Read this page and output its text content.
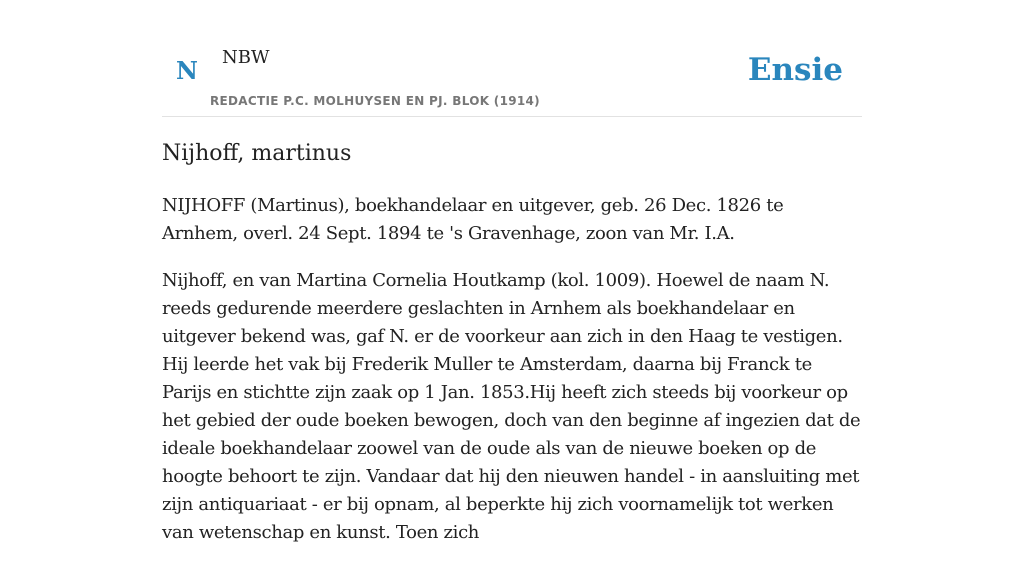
N NBW
REDACTIE P.C. MOLHUYSEN EN PJ. BLOK (1914)
Ensie
Nijhoff, martinus

NIJHOFF (Martinus), boekhandelaar en uitgever, geb. 26 Dec. 1826 te Arnhem, overl. 24 Sept. 1894 te 's Gravenhage, zoon van Mr. I.A.

Nijhoff, en van Martina Cornelia Houtkamp (kol. 1009). Hoewel de naam N. reeds gedurende meerdere geslachten in Arnhem als boekhandelaar en uitgever bekend was, gaf N. er de voorkeur aan zich in den Haag te vestigen. Hij leerde het vak bij Frederik Muller te Amsterdam, daarna bij Franck te Parijs en stichtte zijn zaak op 1 Jan. 1853.Hij heeft zich steeds bij voorkeur op het gebied der oude boeken bewogen, doch van den beginne af ingezien dat de ideale boekhandelaar zoowel van de oude als van de nieuwe boeken op de hoogte behoort te zijn. Vandaar dat hij den nieuwen handel - in aansluiting met zijn antiquariaat - er bij opnam, al beperkte hij zich voornamelijk tot werken van wetenschap en kunst. Toen zich
